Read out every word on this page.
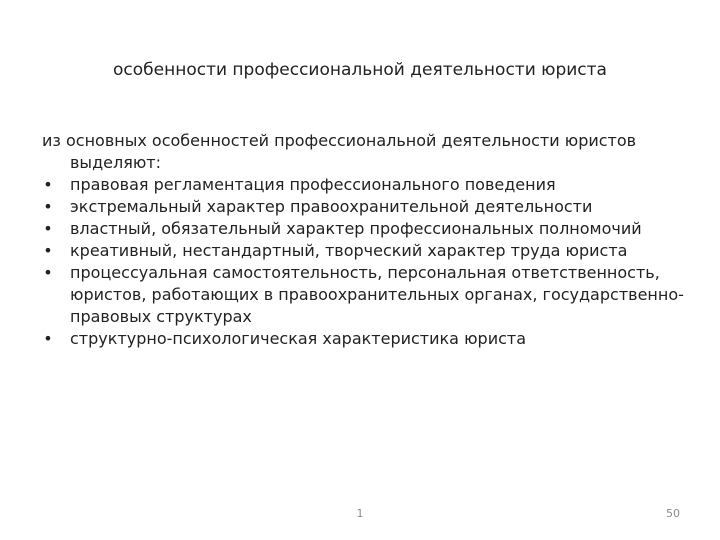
особенности профессиональной деятельности юриста

из основных особенностей профессиональной деятельности юристов выделяют:

• правовая регламентация профессионального поведения
• экстремальный характер правоохранительной деятельности
• властный, обязательный характер профессиональных полномочий
• креативный, нестандартный, творческий характер труда юриста
• процессуальная самостоятельность, персональная ответственность, юристов, работающих в правоохранительных органах, государственно-правовых структурах
• структурно-психологическая характеристика юриста
1	50
